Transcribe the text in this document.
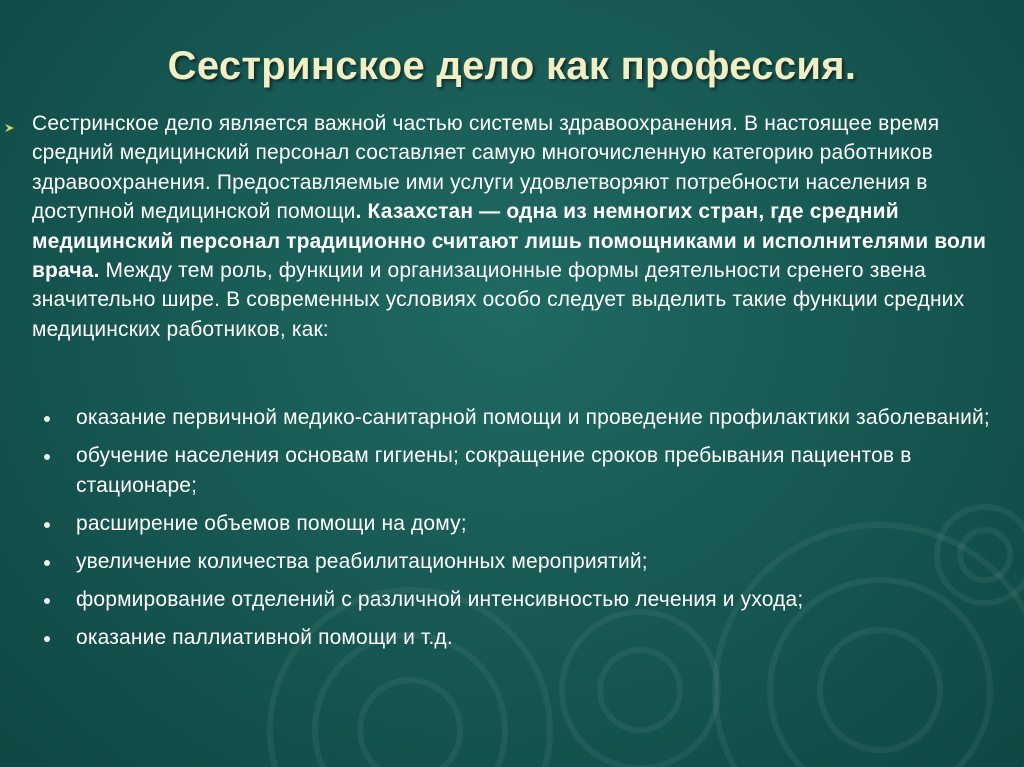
Сестринское дело как профессия.
Сестринское дело является важной частью системы здравоохранения. В настоящее время средний медицинский персонал составляет самую многочисленную категорию работников здравоохранения. Предоставляемые ими услуги удовлетворяют потребности населения в доступной медицинской помощи. Казахстан — одна из немногих стран, где средний медицинский персонал традиционно считают лишь помощниками и исполнителями воли врача. Между тем роль, функции и организационные формы деятельности сренего звена значительно шире. В современных условиях особо следует выделить такие функции средних медицинских работников, как:
оказание первичной медико-санитарной помощи и проведение профилактики заболеваний;
обучение населения основам гигиены; сокращение сроков пребывания пациентов в стационаре;
расширение объемов помощи на дому;
увеличение количества реабилитационных мероприятий;
формирование отделений с различной интенсивностью лечения и ухода;
оказание паллиативной помощи и т.д.
